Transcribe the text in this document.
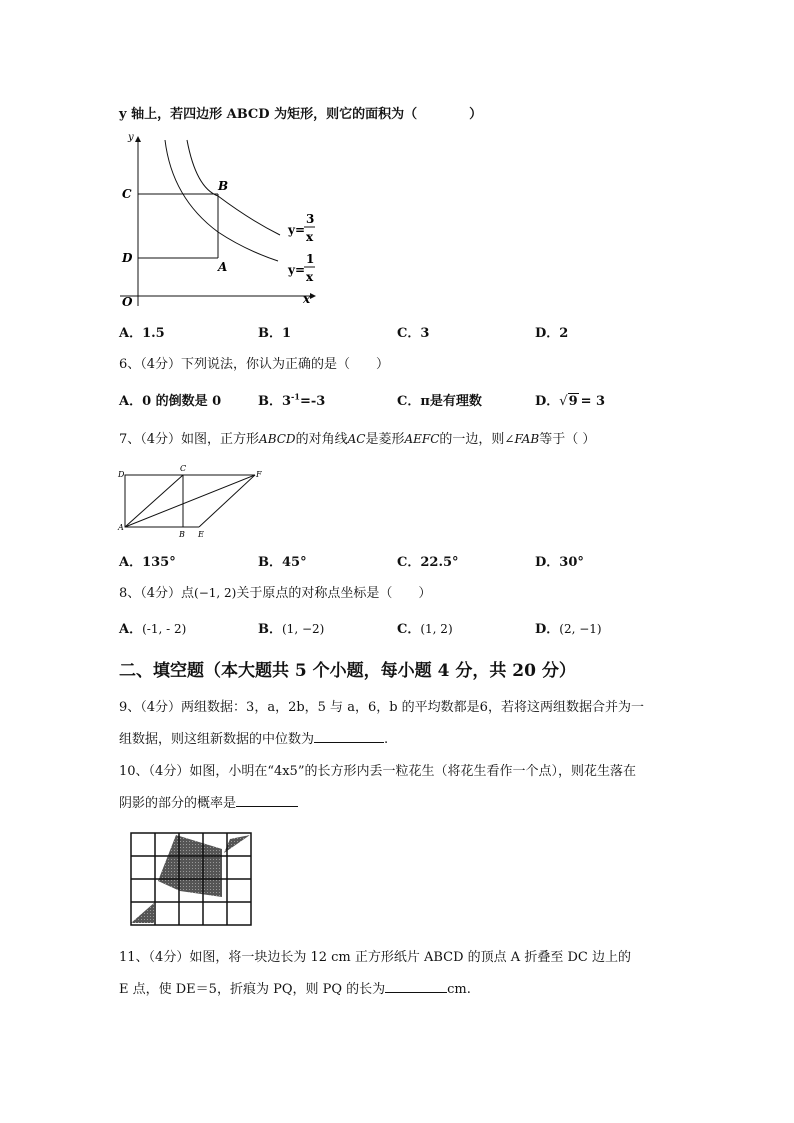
y 轴上，若四边形 ABCD 为矩形，则它的面积为（　　　　）
y
x
O
A
B
C
D
y=
3
x
y=
1
x
A．1.5	B．1	C．3	D．2
6、（4分）下列说法，你认为正确的是（　　）
A．0 的倒数是 0	B．$3^{-1}=-3$	C．π是有理数	D．√9 = 3
7、（4分）如图，正方形ABCD的对角线AC是菱形AEFC的一边，则∠FAB等于（ ）
D
C
F
A
B E
A．135°	B．45°	C．22.5°	D．30°
8、（4分）点(−1, 2)关于原点的对称点坐标是（　　）
A．(-1, - 2)	B．(1, −2)	C．(1, 2)	D．(2, −1)
二、填空题（本大题共 5 个小题，每小题 4 分，共 20 分）
9、（4分）两组数据：3，a，2b，5 与 a，6，b 的平均数都是6，若将这两组数据合并为一
组数据，则这组新数据的中位数为	.
10、（4分）如图，小明在“4x5”的长方形内丢一粒花生（将花生看作一个点），则花生落在
阴影的部分的概率是
11、（4分）如图，将一块边长为 12 cm 正方形纸片 ABCD 的顶点 A 折叠至 DC 边上的
E 点，使 DE＝5，折痕为 PQ，则 PQ 的长为	cm.
